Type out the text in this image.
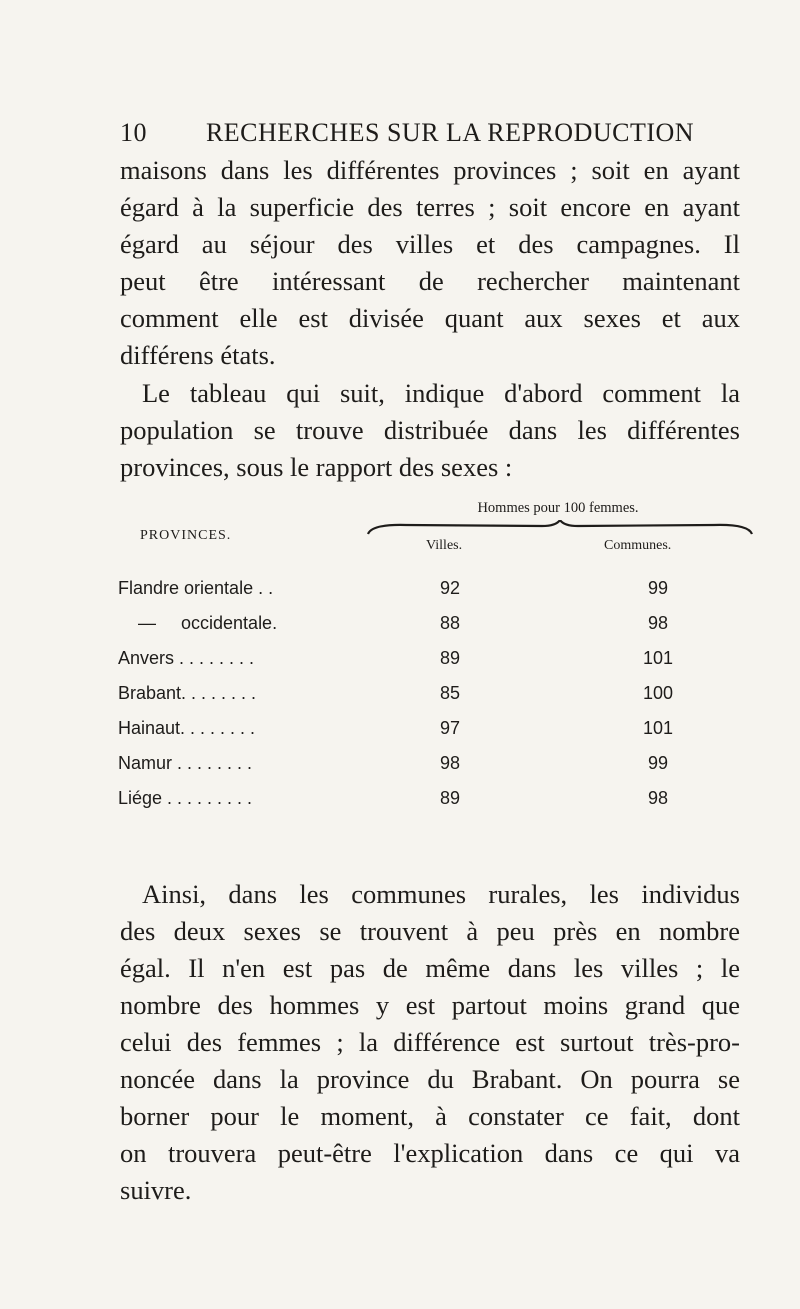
10	RECHERCHES SUR LA REPRODUCTION
maisons dans les différentes provinces ; soit en ayant
égard à la superficie des terres ; soit encore en ayant
égard au séjour des villes et des campagnes. Il
peut être intéressant de rechercher maintenant
comment elle est divisée quant aux sexes et aux
différens états.
Le tableau qui suit, indique d'abord comment la
population se trouve distribuée dans les différentes
provinces, sous le rapport des sexes :
Hommes pour 100 femmes.
PROVINCES.
Villes.	Communes.
Flandre orientale . .	92	99
—     occidentale.	88	98
Anvers . . . . . . . .	89	101
Brabant. . . . . . . .	85	100
Hainaut. . . . . . . .	97	101
Namur . . . . . . . .	98	99
Liége . . . . . . . . .	89	98
Ainsi, dans les communes rurales, les individus
des deux sexes se trouvent à peu près en nombre
égal. Il n'en est pas de même dans les villes ; le
nombre des hommes y est partout moins grand que
celui des femmes ; la différence est surtout très-pro-
noncée dans la province du Brabant. On pourra se
borner pour le moment, à constater ce fait, dont
on trouvera peut-être l'explication dans ce qui va
suivre.
